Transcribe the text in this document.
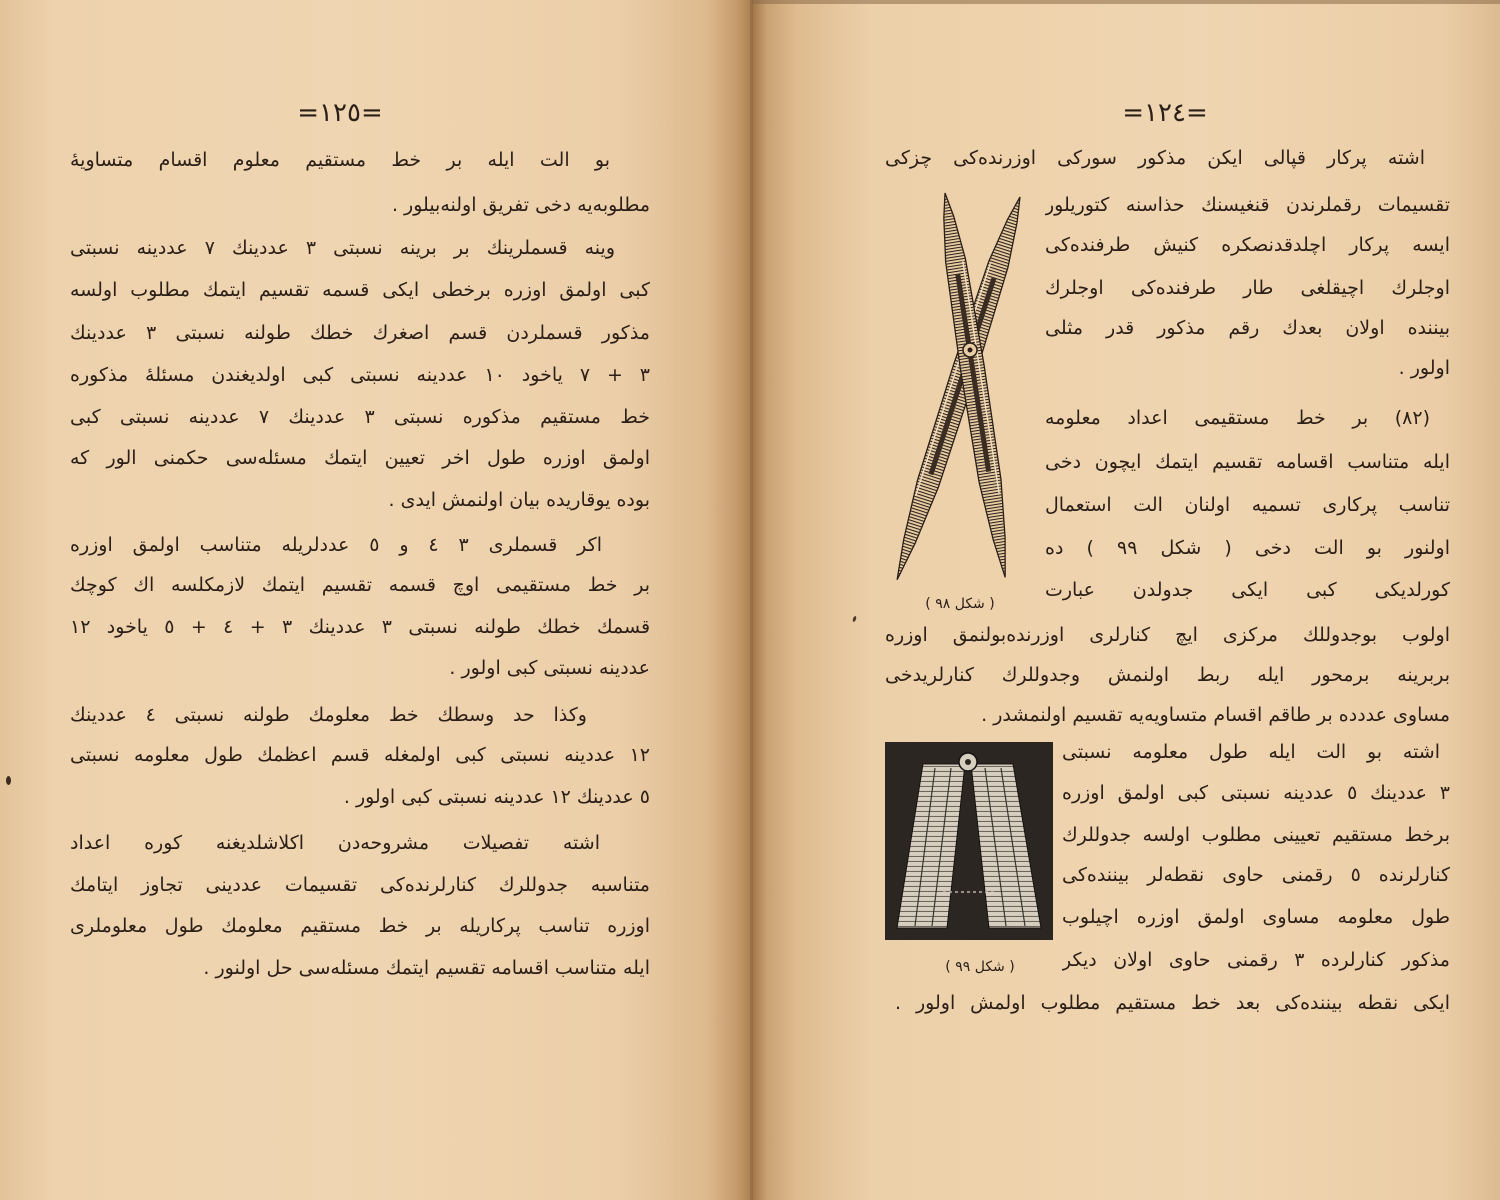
=١٢٥=
بو الت ایله بر خط مستقیم معلوم اقسام متساویهٔ
مطلوبه‌یه دخی تفریق اولنه‌بیلور .
وینه قسملرینك بر برینه نسبتی ٣ عددینك ٧ عددینه نسبتی
کبی اولمق اوزره برخطی ایکی قسمه تقسیم ایتمك مطلوب اولسه
مذکور قسملردن قسم اصغرك خطك طولنه نسبتی ٣ عددینك
٣ + ٧ یاخود ١٠ عددینه نسبتی کبی اولدیغندن مسئلهٔ مذکوره
خط مستقیم مذکوره نسبتی ٣ عددینك ٧ عددینه نسبتی کبی
اولمق اوزره طول اخر تعیین ایتمك مسئله‌سی حکمنی الور که
بوده یوقاریده بیان اولنمش ایدی .
اکر قسملری ٣ ٤ و ٥ عددلریله متناسب اولمق اوزره
بر خط مستقیمی اوچ قسمه تقسیم ایتمك لازمکلسه اك کوچك
قسمك خطك طولنه نسبتی ٣ عددینك ٣ + ٤ + ٥ یاخود ١٢
عددینه نسبتی کبی اولور .
وکذا حد وسطك خط معلومك طولنه نسبتی ٤ عددینك
١٢ عددینه نسبتی کبی اولمغله قسم اعظمك طول معلومه نسبتی
٥ عددینك ١٢ عددینه نسبتی کبی اولور .
اشته تفصیلات مشروحه‌دن اکلاشلدیغنه کوره اعداد
متناسبه جدوللرك کنارلرنده‌کی تقسیمات عددینی تجاوز ایتامك
اوزره تناسب پرکاریله بر خط مستقیم معلومك طول معلوملری
ایله متناسب اقسامه تقسیم ایتمك مسئله‌سی حل اولنور .
=١٢٤=
اشته پرکار قپالی ایکن مذکور سورکی اوزرنده‌کی چزکی
تقسیمات رقملرندن قنغیسنك حذاسنه کتوریلور
ایسه پرکار اچلدقدنصکره کنیش طرفنده‌کی
اوجلرك اچیقلغی طار طرفنده‌کی اوجلرك
بیننده اولان بعدك رقم مذکور قدر مثلی
اولور .
(٨٢) بر خط مستقیمی اعداد معلومه
ایله متناسب اقسامه تقسیم ایتمك ایچون دخی
تناسب پرکاری تسمیه اولنان الت استعمال
اولنور بو الت دخی ( شکل ٩٩ ) ده
کورلدیکی کبی ایکی جدولدن عبارت
( شکل ٩٨ )
اولوب بوجدوللك مرکزی ایچ کنارلری اوزرنده‌بولنمق اوزره
بربرینه برمحور ایله ربط اولنمش وجدوللرك کنارلریدخی
مساوی عددده بر طاقم اقسام متساویه‌یه تقسیم اولنمشدر .
( شکل ٩٩ )
اشته بو الت ایله طول معلومه نسبتی
٣ عددینك ٥ عددینه نسبتی کبی اولمق اوزره
برخط مستقیم تعیینی مطلوب اولسه جدوللرك
کنارلرنده ٥ رقمنی حاوی نقطه‌لر بیننده‌کی
طول معلومه مساوی اولمق اوزره اچیلوب
مذکور کنارلرده ٣ رقمنی حاوی اولان دیکر
ایکی نقطه بیننده‌کی بعد خط مستقیم مطلوب اولمش اولور .
